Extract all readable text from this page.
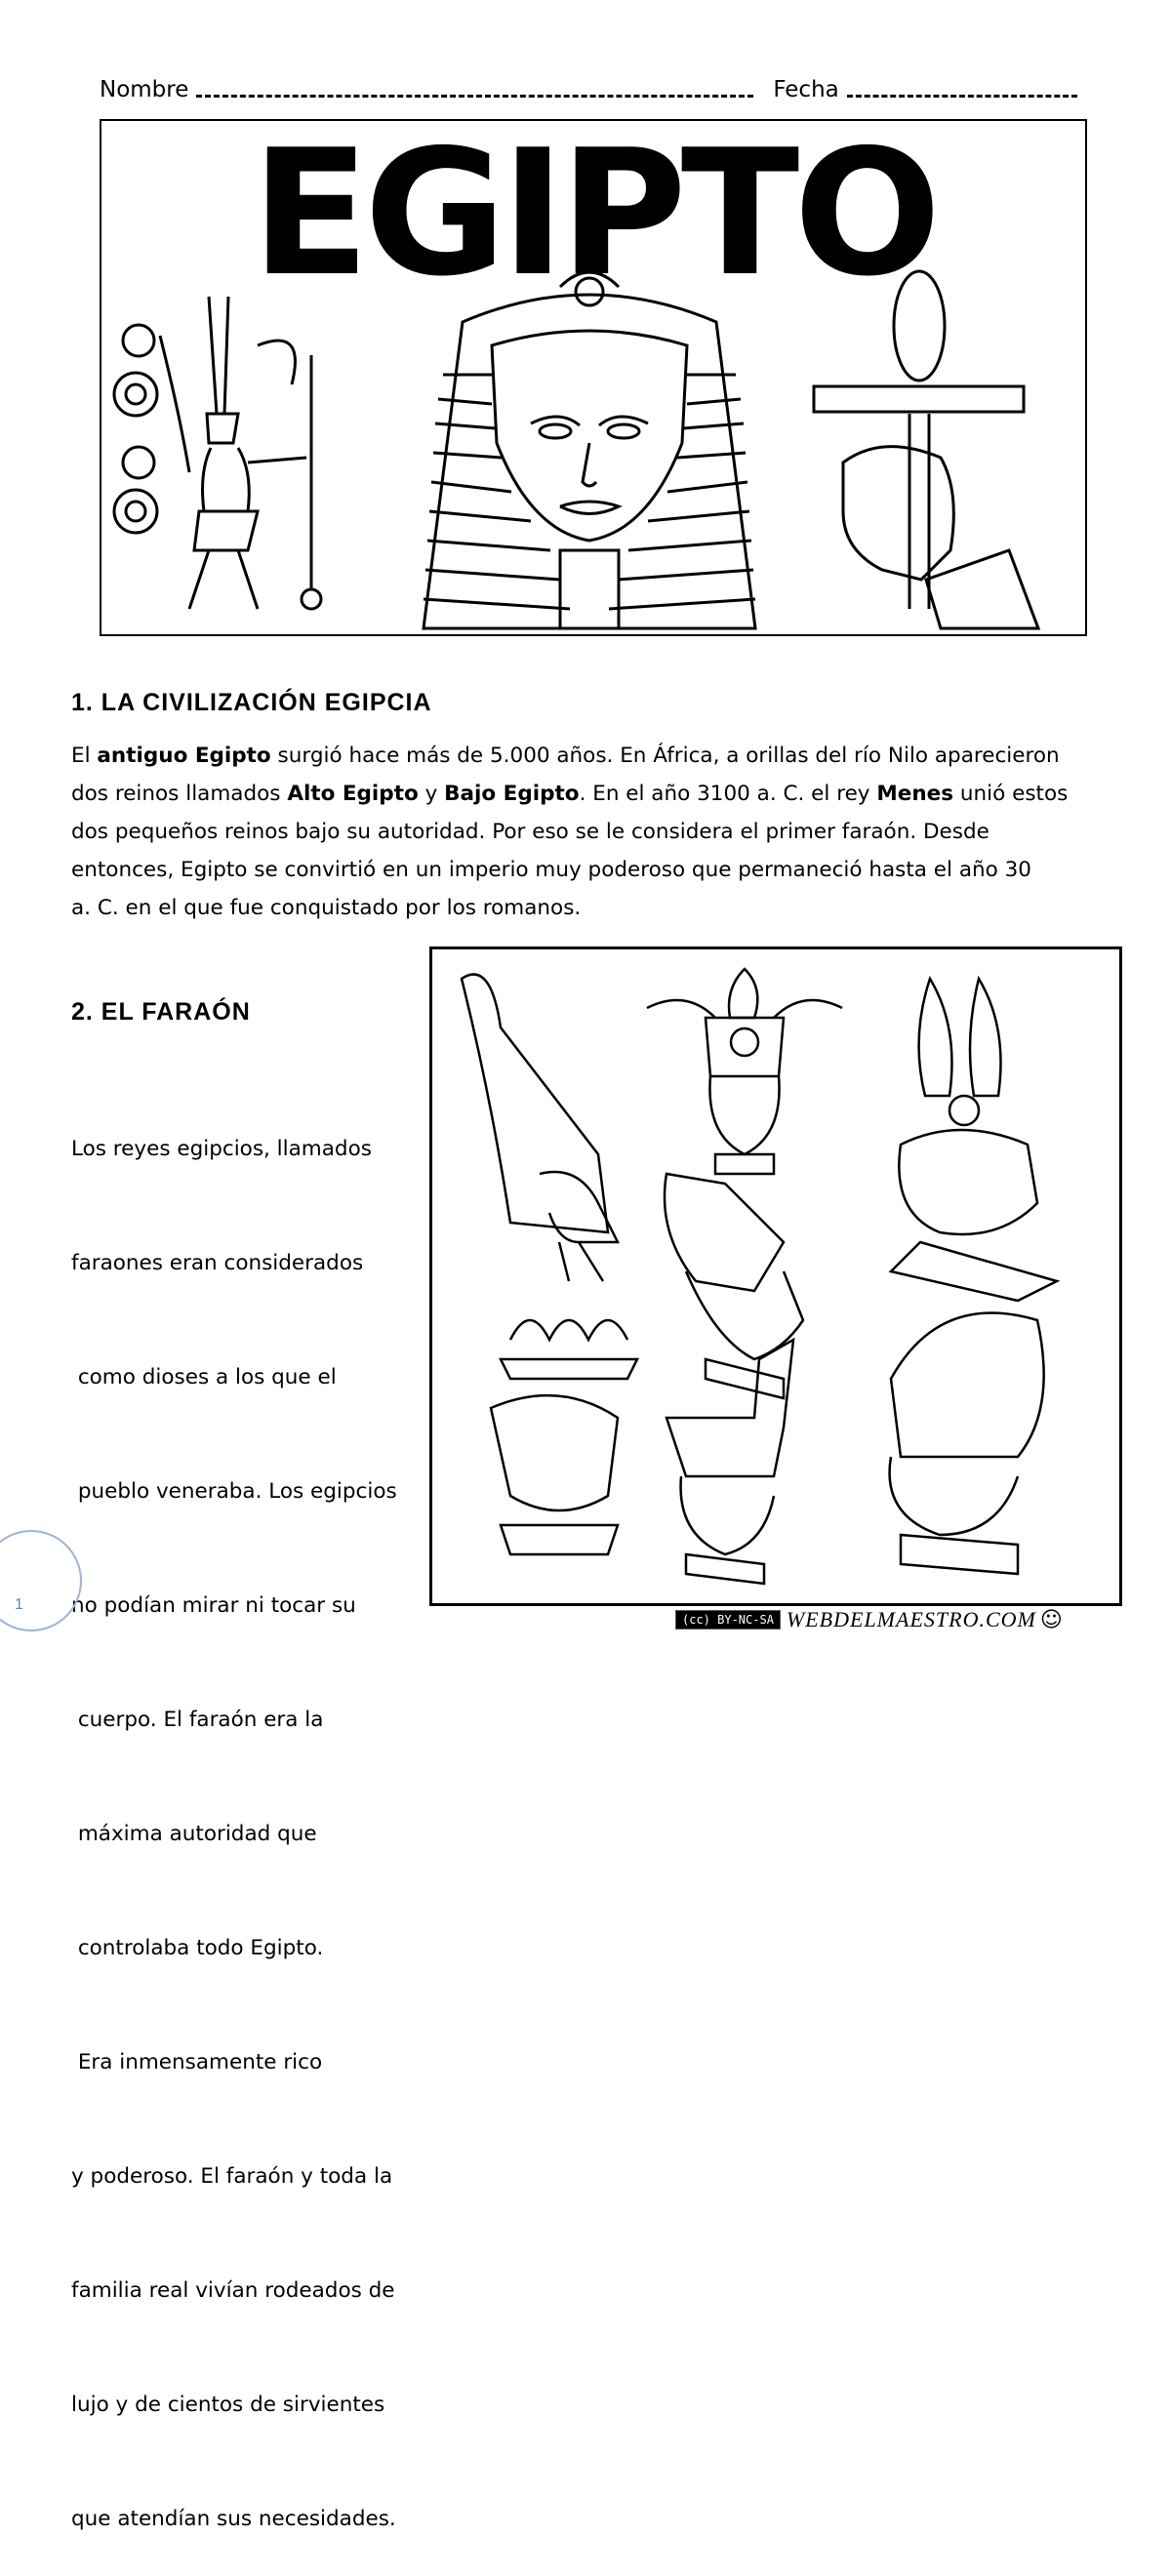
Nombre	Fecha
EGIPTO
1. LA CIVILIZACIÓN EGIPCIA
El antiguo Egipto surgió hace más de 5.000 años. En África, a orillas del río Nilo aparecieron
dos reinos llamados Alto Egipto y Bajo Egipto. En el año 3100 a. C. el rey Menes unió estos
dos pequeños reinos bajo su autoridad. Por eso se le considera el primer faraón. Desde
entonces, Egipto se convirtió en un imperio muy poderoso que permaneció hasta el año 30
a. C. en el que fue conquistado por los romanos.
2. EL FARAÓN

Los reyes egipcios, llamados

faraones eran considerados

como dioses a los que el

pueblo veneraba. Los egipcios

no podían mirar ni tocar su

cuerpo. El faraón era la

máxima autoridad que

controlaba todo Egipto.

Era inmensamente rico

y poderoso. El faraón y toda la

familia real vivían rodeados de

lujo y de cientos de sirvientes

que atendían sus necesidades.

(cc) BY-NC-SA WEBDELMAESTRO.COM ☺
1
